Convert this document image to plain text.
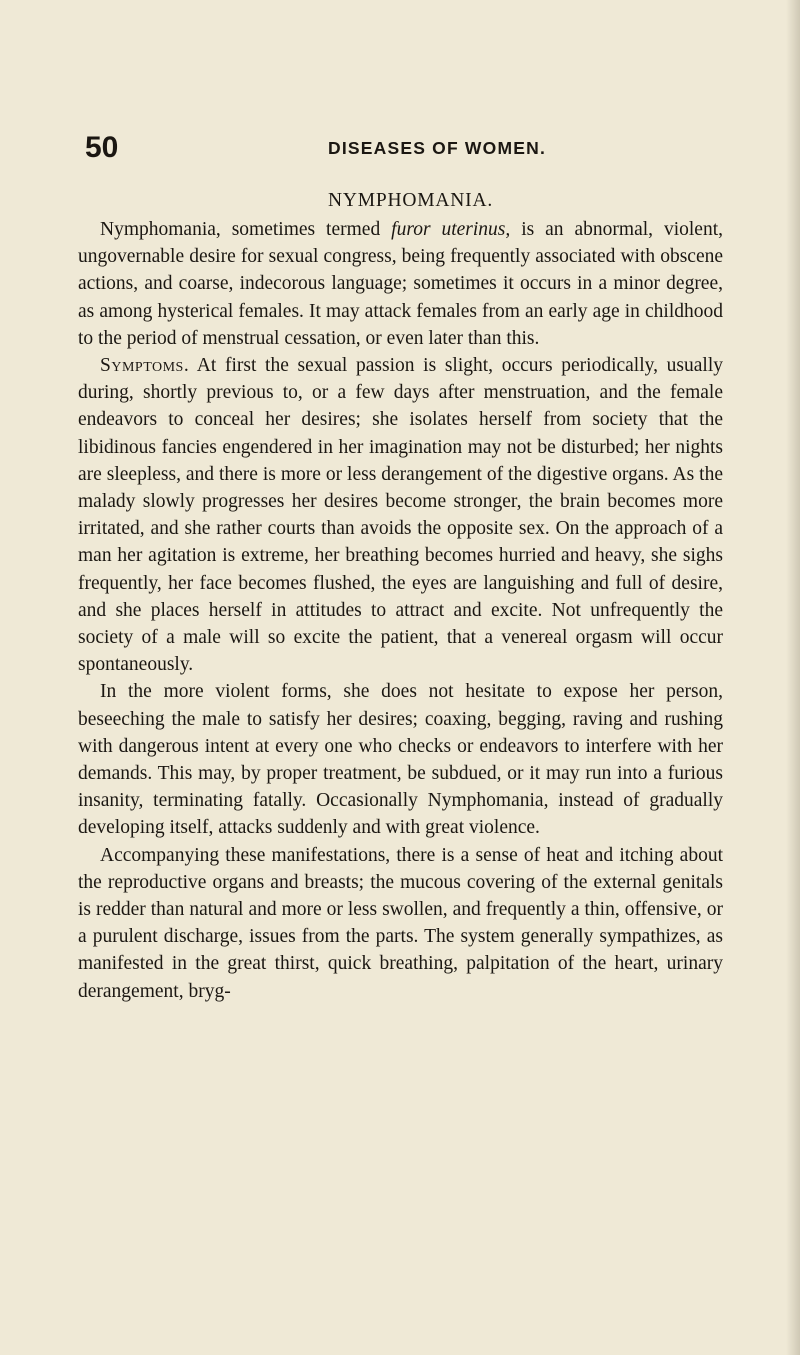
50	DISEASES OF WOMEN.
NYMPHOMANIA.

Nymphomania, sometimes termed furor uterinus, is an abnormal, violent, ungovernable desire for sexual congress, being frequently associated with obscene actions, and coarse, indecorous language; sometimes it occurs in a minor degree, as among hysterical females. It may attack females from an early age in childhood to the period of menstrual cessation, or even later than this.

Symptoms. At first the sexual passion is slight, occurs periodically, usually during, shortly previous to, or a few days after menstruation, and the female endeavors to conceal her desires; she isolates herself from society that the libidinous fancies engendered in her imagination may not be disturbed; her nights are sleepless, and there is more or less derangement of the digestive organs. As the malady slowly progresses her desires become stronger, the brain becomes more irritated, and she rather courts than avoids the opposite sex. On the approach of a man her agitation is extreme, her breathing becomes hurried and heavy, she sighs frequently, her face becomes flushed, the eyes are languishing and full of desire, and she places herself in attitudes to attract and excite. Not unfrequently the society of a male will so excite the patient, that a venereal orgasm will occur spontaneously.

In the more violent forms, she does not hesitate to expose her person, beseeching the male to satisfy her desires; coaxing, begging, raving and rushing with dangerous intent at every one who checks or endeavors to interfere with her demands. This may, by proper treatment, be subdued, or it may run into a furious insanity, terminating fatally. Occasionally Nymphomania, instead of gradually developing itself, attacks suddenly and with great violence.

Accompanying these manifestations, there is a sense of heat and itching about the reproductive organs and breasts; the mucous covering of the external genitals is redder than natural and more or less swollen, and frequently a thin, offensive, or a purulent discharge, issues from the parts. The system generally sympathizes, as manifested in the great thirst, quick breathing, palpitation of the heart, urinary derangement, bryg-
